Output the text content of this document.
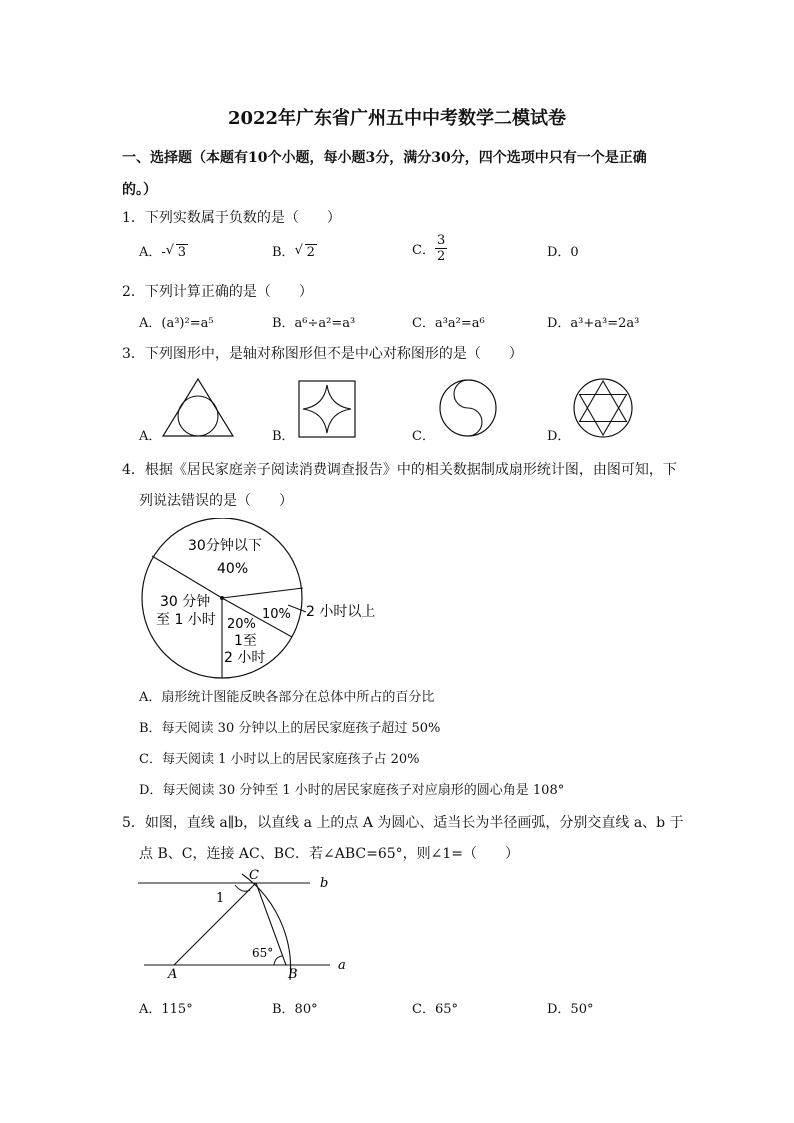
2022年广东省广州五中中考数学二模试卷
一、选择题（本题有10个小题，每小题3分，满分30分，四个选项中只有一个是正确
的。）
1．下列实数属于负数的是（　　）
A．- √ 3	B． √ 2	C． $\frac{3}{2}$	D．0
2．下列计算正确的是（　　）
A．(a³)²=a⁵	B．a⁶÷a²=a³	C．a³a²=a⁶	D．a³+a³=2a³
3．下列图形中，是轴对称图形但不是中心对称图形的是（　　）
A．	B．	C．	D．
4．根据《居民家庭亲子阅读消费调查报告》中的相关数据制成扇形统计图，由图可知，下
列说法错误的是（　　）
30分钟以下
40%
30 分钟
至 1 小时 20%
1至
2 小时
10% 2 小时以上
A．扇形统计图能反映各部分在总体中所占的百分比
B．每天阅读 30 分钟以上的居民家庭孩子超过 50%
C．每天阅读 1 小时以上的居民家庭孩子占 20%
D．每天阅读 30 分钟至 1 小时的居民家庭孩子对应扇形的圆心角是 108°
5．如图，直线 a∥b，以直线 a 上的点 A 为圆心、适当长为半径画弧，分别交直线 a、b 于
点 B、C，连接 AC、BC．若∠ABC=65°，则∠1=（　　）
C
b
1
65°
A	B
a
A．115°	B．80°	C．65°	D．50°
